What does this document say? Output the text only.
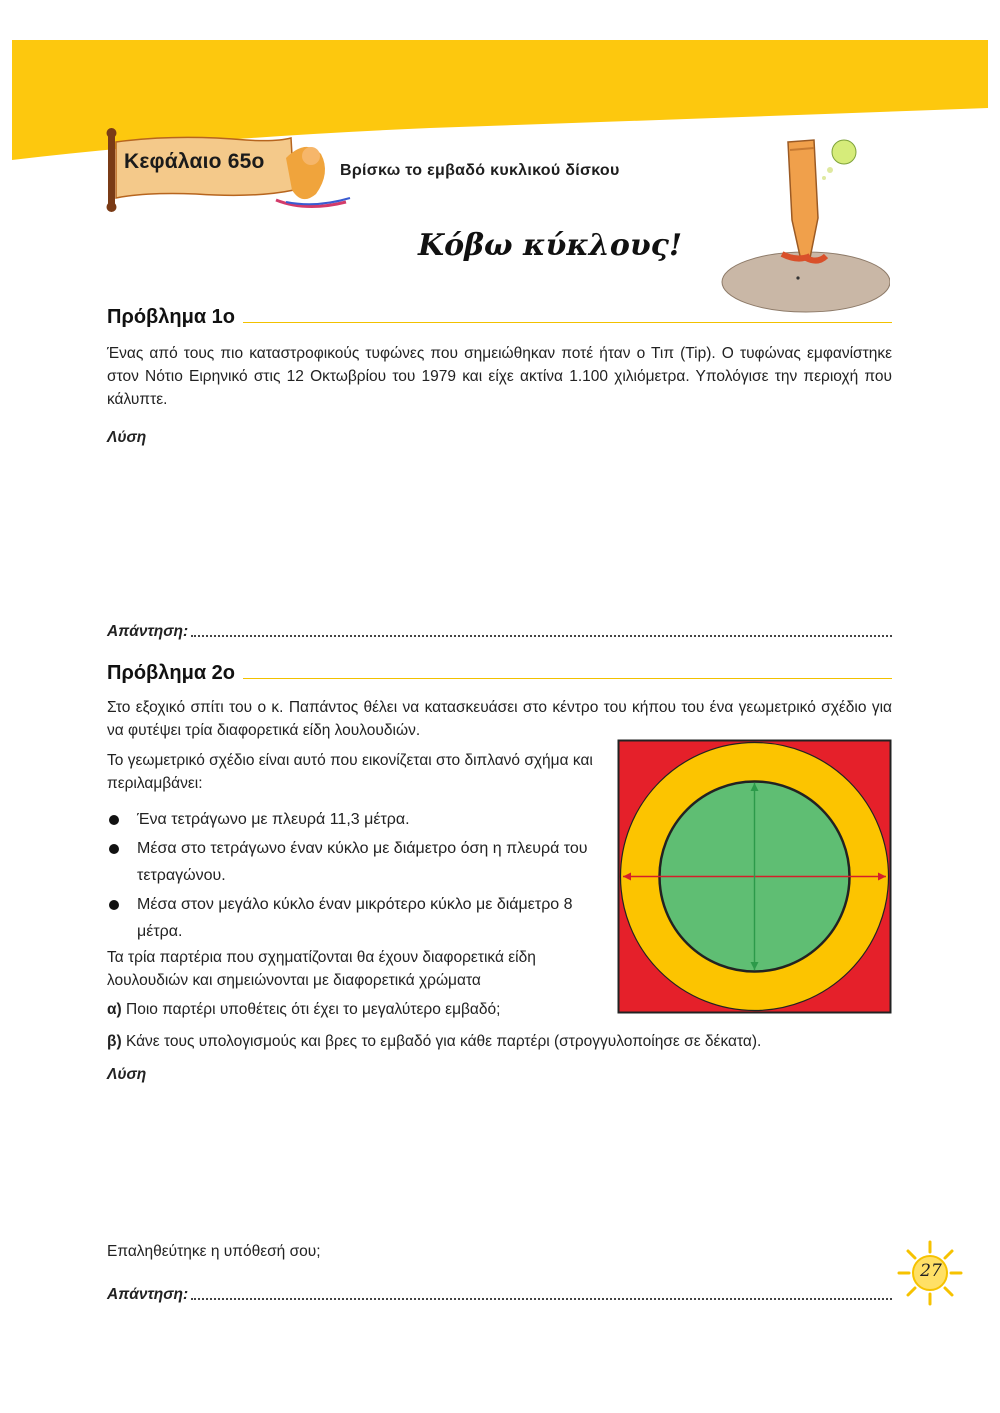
Κεφάλαιο 65ο	Βρίσκω το εμβαδό κυκλικού δίσκου
Κόβω κύκλους!
Πρόβλημα 1ο
Ένας από τους πιο καταστροφικούς τυφώνες που σημειώθηκαν ποτέ ήταν ο Τιπ (Tip). Ο τυφώνας εμφανίστηκε στον Νότιο Ειρηνικό στις 12 Οκτωβρίου του 1979 και είχε ακτίνα 1.100 χιλιόμετρα. Υπολόγισε την περιοχή που κάλυπτε.
Λύση
Απάντηση:
Πρόβλημα 2ο
Στο εξοχικό σπίτι του ο κ. Παπάντος θέλει να κατασκευάσει στο κέντρο του κήπου του ένα γεωμετρικό σχέδιο για να φυτέψει τρία διαφορετικά είδη λουλουδιών.
Το γεωμετρικό σχέδιο είναι αυτό που εικονίζεται στο διπλανό σχήμα και περιλαμβάνει:
Ένα τετράγωνο με πλευρά 11,3 μέτρα.
Μέσα στο τετράγωνο έναν κύκλο με διάμετρο όση η πλευρά του τετραγώνου.
Μέσα στον μεγάλο κύκλο έναν μικρότερο κύκλο με διάμετρο 8 μέτρα.
Τα τρία παρτέρια που σχηματίζονται θα έχουν διαφορετικά είδη λουλουδιών και σημειώνονται με διαφορετικά χρώματα
α) Ποιο παρτέρι υποθέτεις ότι έχει το μεγαλύτερο εμβαδό;
β) Κάνε τους υπολογισμούς και βρες το εμβαδό για κάθε παρτέρι (στρογγυλοποίησε σε δέκατα).
Λύση
Επαληθεύτηκε η υπόθεσή σου;
Απάντηση:
27
